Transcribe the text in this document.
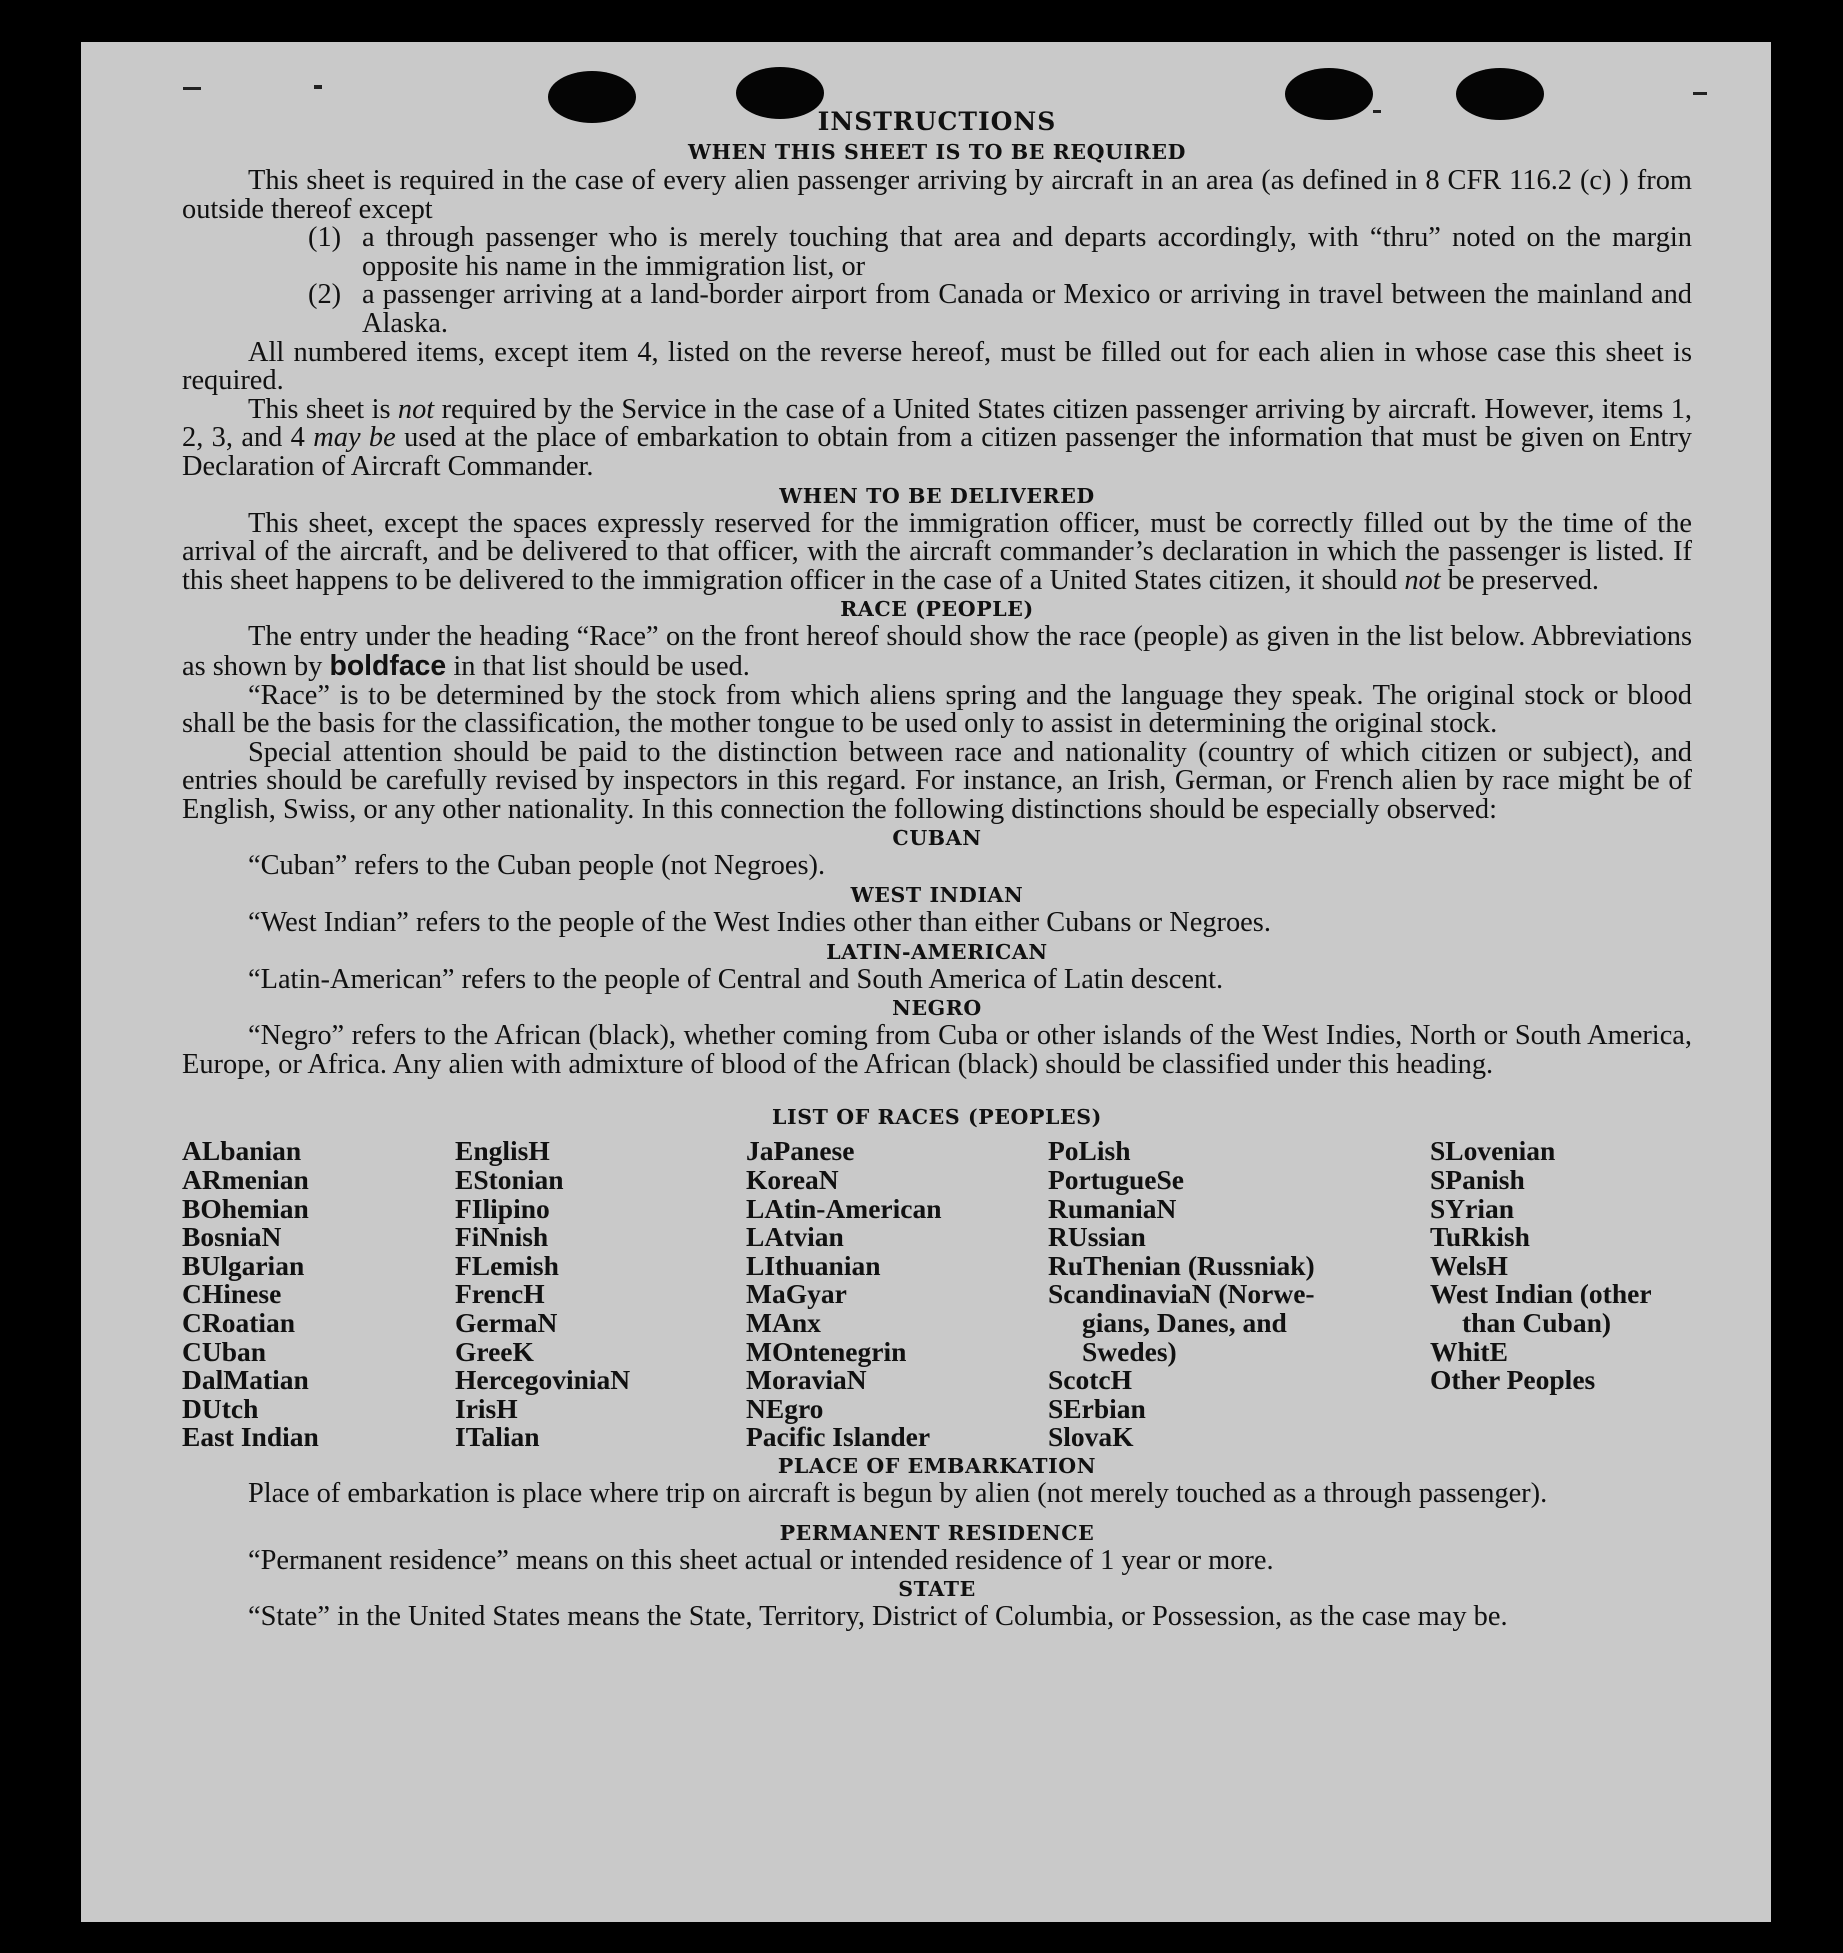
INSTRUCTIONS
WHEN THIS SHEET IS TO BE REQUIRED

This sheet is required in the case of every alien passenger arriving by aircraft in an area (as defined in 8 CFR 116.2 (c) ) from outside thereof except

(1) a through passenger who is merely touching that area and departs accordingly, with “thru” noted on the margin opposite his name in the immigration list, or
(2) a passenger arriving at a land-border airport from Canada or Mexico or arriving in travel between the mainland and Alaska.

All numbered items, except item 4, listed on the reverse hereof, must be filled out for each alien in whose case this sheet is required.

This sheet is not required by the Service in the case of a United States citizen passenger arriving by aircraft. However, items 1, 2, 3, and 4 may be used at the place of embarkation to obtain from a citizen passenger the information that must be given on Entry Declaration of Aircraft Commander.

WHEN TO BE DELIVERED

This sheet, except the spaces expressly reserved for the immigration officer, must be correctly filled out by the time of the arrival of the aircraft, and be delivered to that officer, with the aircraft commander’s declaration in which the passenger is listed. If this sheet happens to be delivered to the immigration officer in the case of a United States citizen, it should not be preserved.

RACE (PEOPLE)

The entry under the heading “Race” on the front hereof should show the race (people) as given in the list below. Abbreviations as shown by boldface in that list should be used.

“Race” is to be determined by the stock from which aliens spring and the language they speak. The original stock or blood shall be the basis for the classification, the mother tongue to be used only to assist in determining the original stock.

Special attention should be paid to the distinction between race and nationality (country of which citizen or subject), and entries should be carefully revised by inspectors in this regard. For instance, an Irish, German, or French alien by race might be of English, Swiss, or any other nationality. In this connection the following distinctions should be especially observed:

CUBAN

“Cuban” refers to the Cuban people (not Negroes).

WEST INDIAN

“West Indian” refers to the people of the West Indies other than either Cubans or Negroes.

LATIN-AMERICAN

“Latin-American” refers to the people of Central and South America of Latin descent.

NEGRO

“Negro” refers to the African (black), whether coming from Cuba or other islands of the West Indies, North or South America, Europe, or Africa. Any alien with admixture of blood of the African (black) should be classified under this heading.

LIST OF RACES (PEOPLES)
ALbanian
ARmenian
BOhemian
BosniaN
BUlgarian
CHinese
CRoatian
CUban
DalMatian
DUtch
East Indian
EnglisH
EStonian
FIlipino
FiNnish
FLemish
FrencH
GermaN
GreeK
HercegoviniaN
IrisH
ITalian
JaPanese
KoreaN
LAtin-American
LAtvian
LIthuanian
MaGyar
MAnx
MOntenegrin
MoraviaN
NEgro
Pacific Islander
PoLish
PortugueSe
RumaniaN
RUssian
RuThenian (Russniak)
ScandinaviaN (Norwe-
gians, Danes, and
Swedes)
ScotcH
SErbian
SlovaK
SLovenian
SPanish
SYrian
TuRkish
WelsH
West Indian (other than Cuban)
WhitE
Other Peoples
PLACE OF EMBARKATION

Place of embarkation is place where trip on aircraft is begun by alien (not merely touched as a through passenger).

PERMANENT RESIDENCE

“Permanent residence” means on this sheet actual or intended residence of 1 year or more.

STATE

“State” in the United States means the State, Territory, District of Columbia, or Possession, as the case may be.
